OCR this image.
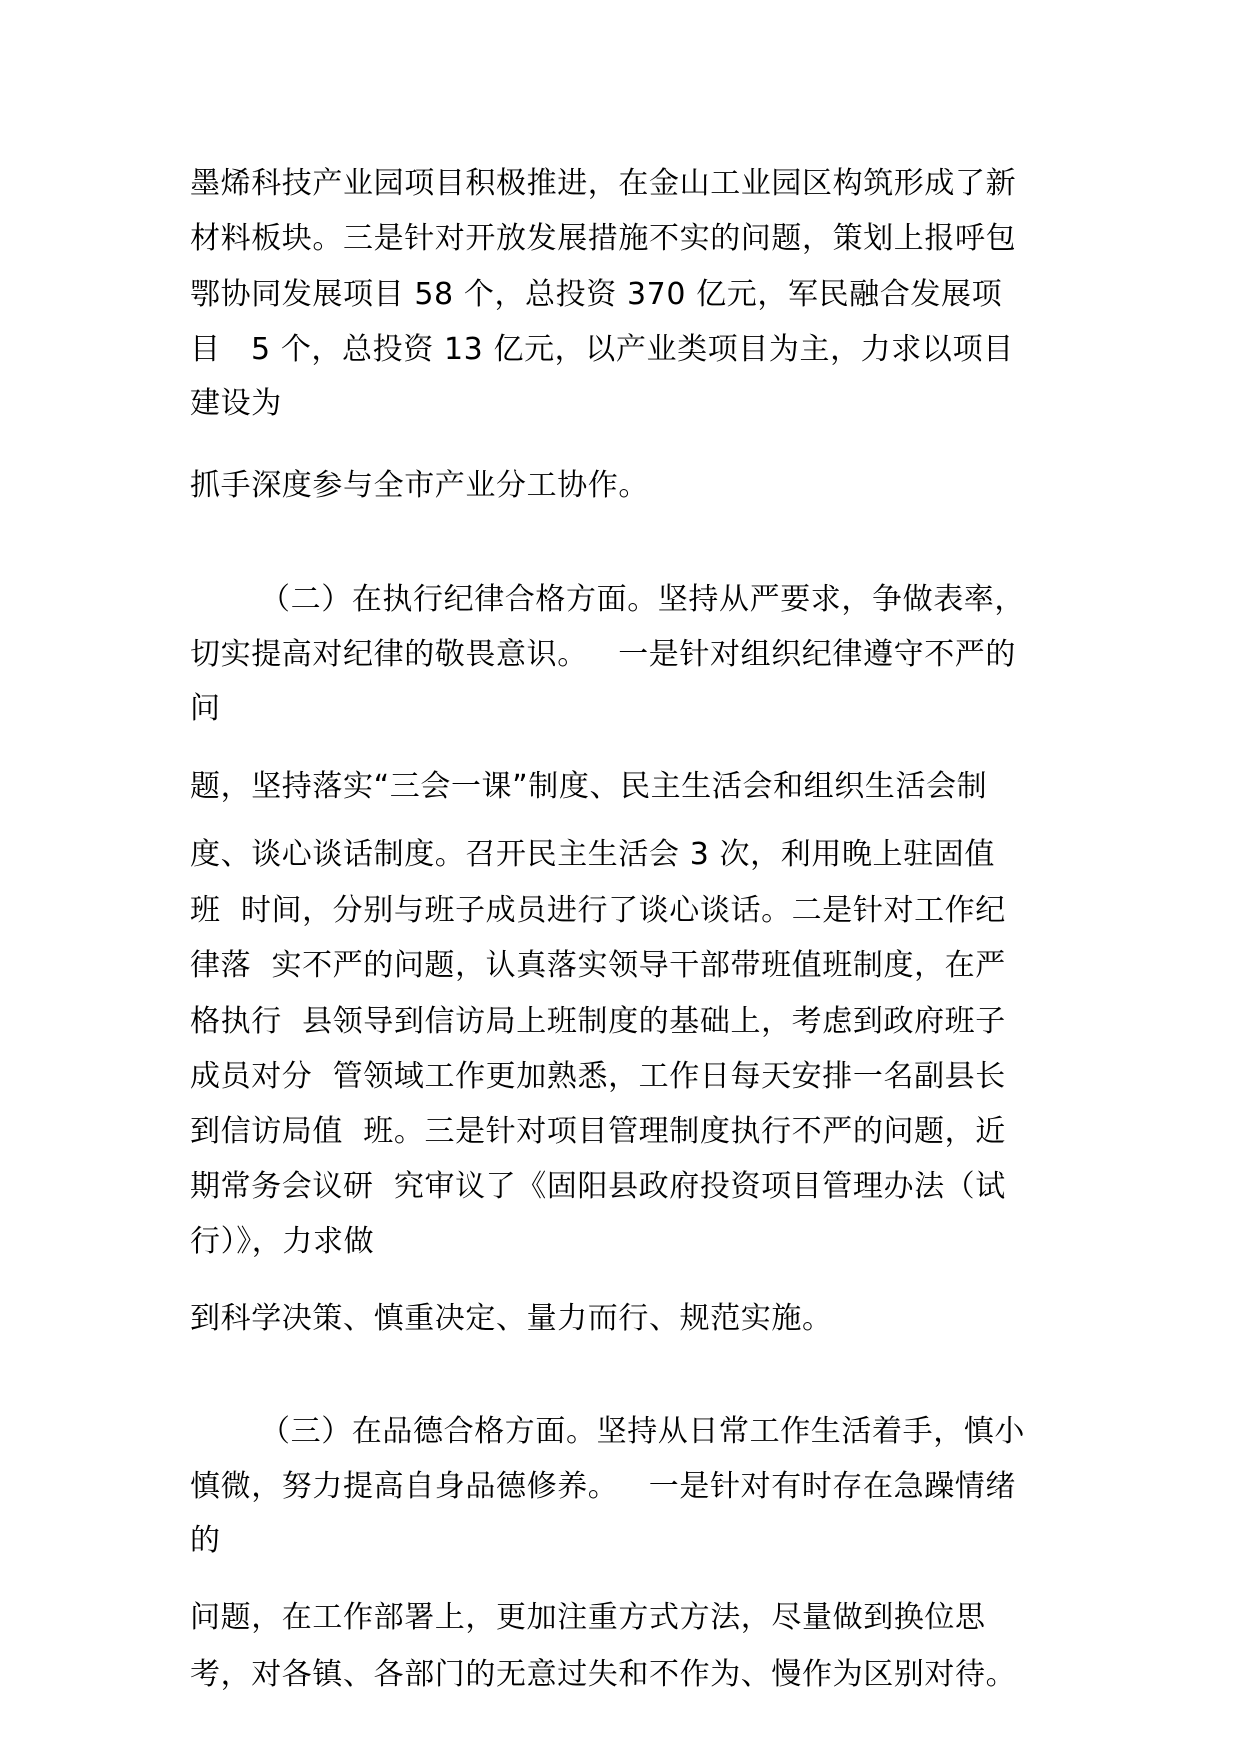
墨烯科技产业园项目积极推进，在金山工业园区构筑形成了新
材料板块。三是针对开放发展措施不实的问题，策划上报呼包
鄂协同发展项目 58 个，总投资 370 亿元，军民融合发展项
目   5 个，总投资 13 亿元，以产业类项目为主，力求以项目
建设为
抓手深度参与全市产业分工协作。
（二）在执行纪律合格方面。坚持从严要求，争做表率，
切实提高对纪律的敬畏意识。   一是针对组织纪律遵守不严的
问
题，坚持落实“三会一课”制度、民主生活会和组织生活会制
度、谈心谈话制度。召开民主生活会 3 次，利用晚上驻固值
班  时间，分别与班子成员进行了谈心谈话。二是针对工作纪
律落  实不严的问题，认真落实领导干部带班值班制度，在严
格执行  县领导到信访局上班制度的基础上，考虑到政府班子
成员对分  管领域工作更加熟悉，工作日每天安排一名副县长
到信访局值  班。三是针对项目管理制度执行不严的问题，近
期常务会议研  究审议了《固阳县政府投资项目管理办法（试
行）》，力求做
到科学决策、慎重决定、量力而行、规范实施。
（三）在品德合格方面。坚持从日常工作生活着手，慎小
慎微，努力提高自身品德修养。   一是针对有时存在急躁情绪
的
问题，在工作部署上，更加注重方式方法，尽量做到换位思
考，对各镇、各部门的无意过失和不作为、慢作为区别对待。
